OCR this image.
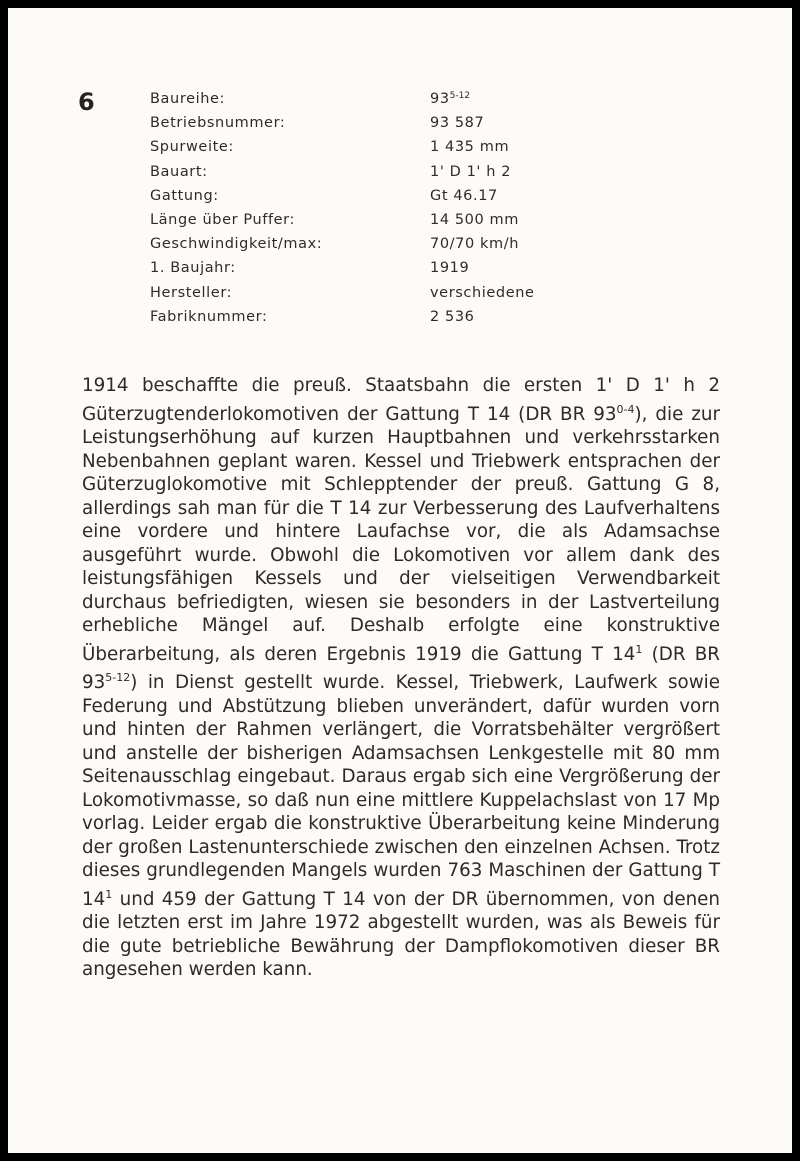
6	Baureihe:	93$^{5-12}$
Betriebsnummer:	93 587
Spurweite:	1 435 mm
Bauart:	1' D 1' h 2
Gattung:	Gt 46.17
Länge über Puffer:	14 500 mm
Geschwindigkeit/max:	70/70 km/h
1. Baujahr:	1919
Hersteller:	verschiedene
Fabriknummer:	2 536

1914 beschaffte die preuß. Staatsbahn die ersten 1' D 1' h 2 Güterzugtenderlokomotiven der Gattung T 14 (DR BR 93$^{0-4}$), die zur Leistungserhöhung auf kurzen Hauptbahnen und verkehrsstarken Nebenbahnen geplant waren. Kessel und Triebwerk entsprachen der Güterzuglokomotive mit Schlepptender der preuß. Gattung G 8, allerdings sah man für die T 14 zur Verbesserung des Laufverhaltens eine vordere und hintere Laufachse vor, die als Adamsachse ausgeführt wurde. Obwohl die Lokomotiven vor allem dank des leistungsfähigen Kessels und der vielseitigen Verwendbarkeit durchaus befriedigten, wiesen sie besonders in der Lastverteilung erhebliche Mängel auf. Deshalb erfolgte eine konstruktive Überarbeitung, als deren Ergebnis 1919 die Gattung T $14^1$ (DR BR 93$^{5-12}$) in Dienst gestellt wurde. Kessel, Triebwerk, Laufwerk sowie Federung und Abstützung blieben unverändert, dafür wurden vorn und hinten der Rahmen verlängert, die Vorratsbehälter vergrößert und anstelle der bisherigen Adamsachsen Lenkgestelle mit 80 mm Seitenausschlag eingebaut. Daraus ergab sich eine Vergrößerung der Lokomotivmasse, so daß nun eine mittlere Kuppelachslast von 17 Mp vorlag. Leider ergab die konstruktive Überarbeitung keine Minderung der großen Lastenunterschiede zwischen den einzelnen Achsen. Trotz dieses grundlegenden Mangels wurden 763 Maschinen der Gattung T $14^1$ und 459 der Gattung T 14 von der DR übernommen, von denen die letzten erst im Jahre 1972 abgestellt wurden, was als Beweis für die gute betriebliche Bewährung der Dampflokomotiven dieser BR angesehen werden kann.
